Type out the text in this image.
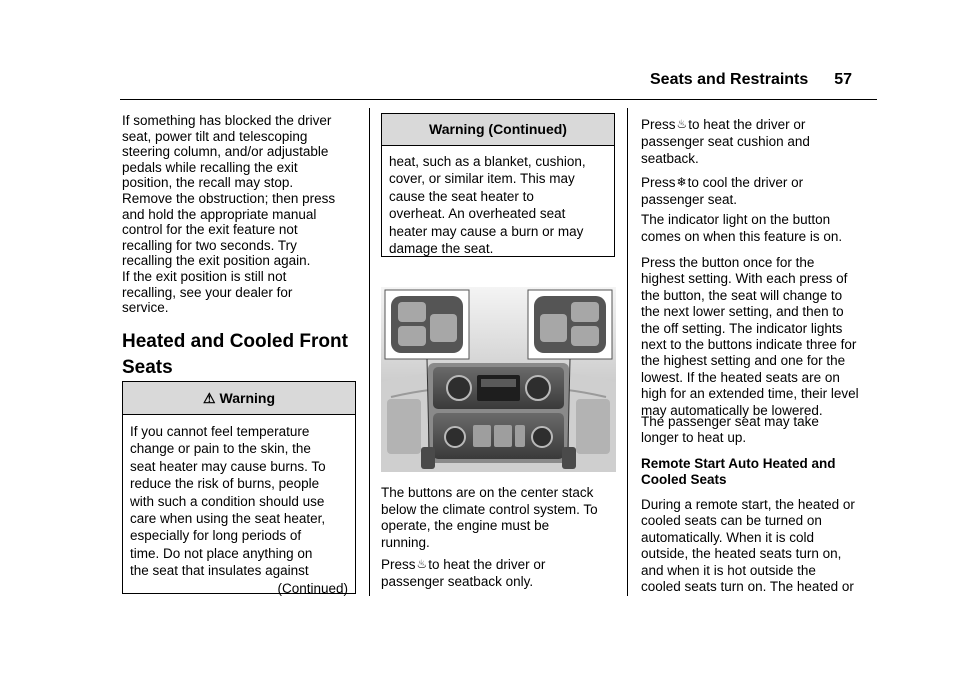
Seats and Restraints 57

If something has blocked the driver

seat, power tilt and telescoping

steering column, and/or adjustable

pedals while recalling the exit

position, the recall may stop.

Remove the obstruction; then press

and hold the appropriate manual

control for the exit feature not

recalling for two seconds. Try

recalling the exit position again.

If the exit position is still not

recalling, see your dealer for

service.

Heated and Cooled Front
Seats
⚠ Warning

If you cannot feel temperature

change or pain to the skin, the

seat heater may cause burns. To

reduce the risk of burns, people

with such a condition should use

care when using the seat heater,

especially for long periods of

time. Do not place anything on

the seat that insulates against

(Continued)

Warning (Continued)

heat, such as a blanket, cushion,

cover, or similar item. This may

cause the seat heater to

overheat. An overheated seat

heater may cause a burn or may

damage the seat.

The buttons are on the center stack

below the climate control system. To

operate, the engine must be

running.

Press♨to heat the driver or

passenger seatback only.

Press♨to heat the driver or

passenger seat cushion and

seatback.

Press❄to cool the driver or

passenger seat.

The indicator light on the button

comes on when this feature is on.

Press the button once for the

highest setting. With each press of

the button, the seat will change to

the next lower setting, and then to

the off setting. The indicator lights

next to the buttons indicate three for

the highest setting and one for the

lowest. If the heated seats are on

high for an extended time, their level

may automatically be lowered.

The passenger seat may take

longer to heat up.

Remote Start Auto Heated and

Cooled Seats

During a remote start, the heated or

cooled seats can be turned on

automatically. When it is cold

outside, the heated seats turn on,

and when it is hot outside the

cooled seats turn on. The heated or
